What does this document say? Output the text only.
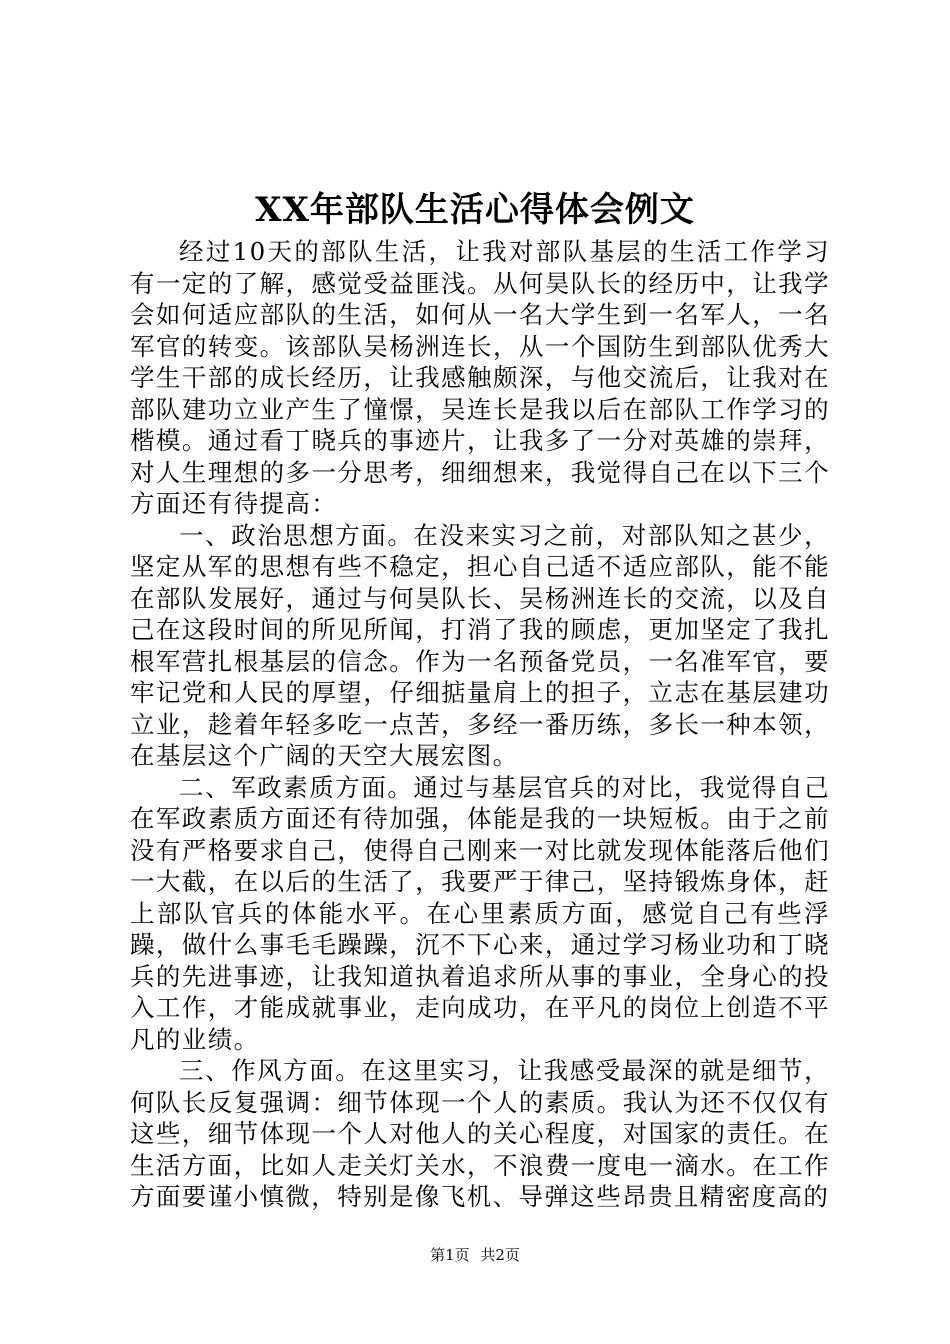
XX年部队生活心得体会例文

经过10天的部队生活，让我对部队基层的生活工作学习有一定的了解，感觉受益匪浅。从何昊队长的经历中，让我学会如何适应部队的生活，如何从一名大学生到一名军人，一名军官的转变。该部队吴杨洲连长，从一个国防生到部队优秀大学生干部的成长经历，让我感触颇深，与他交流后，让我对在部队建功立业产生了憧憬，吴连长是我以后在部队工作学习的楷模。通过看丁晓兵的事迹片，让我多了一分对英雄的崇拜，对人生理想的多一分思考，细细想来，我觉得自己在以下三个方面还有待提高：

一、政治思想方面。在没来实习之前，对部队知之甚少，坚定从军的思想有些不稳定，担心自己适不适应部队，能不能在部队发展好，通过与何昊队长、吴杨洲连长的交流，以及自己在这段时间的所见所闻，打消了我的顾虑，更加坚定了我扎根军营扎根基层的信念。作为一名预备党员，一名准军官，要牢记党和人民的厚望，仔细掂量肩上的担子，立志在基层建功立业，趁着年轻多吃一点苦，多经一番历练，多长一种本领，在基层这个广阔的天空大展宏图。

二、军政素质方面。通过与基层官兵的对比，我觉得自己在军政素质方面还有待加强，体能是我的一块短板。由于之前没有严格要求自己，使得自己刚来一对比就发现体能落后他们一大截，在以后的生活了，我要严于律己，坚持锻炼身体，赶上部队官兵的体能水平。在心里素质方面，感觉自己有些浮躁，做什么事毛毛躁躁，沉不下心来，通过学习杨业功和丁晓兵的先进事迹，让我知道执着追求所从事的事业，全身心的投入工作，才能成就事业，走向成功，在平凡的岗位上创造不平凡的业绩。

三、作风方面。在这里实习，让我感受最深的就是细节，何队长反复强调：细节体现一个人的素质。我认为还不仅仅有这些，细节体现一个人对他人的关心程度，对国家的责任。在生活方面，比如人走关灯关水，不浪费一度电一滴水。在工作方面要谨小慎微，特别是像飞机、导弹这些昂贵且精密度高的

第1页 共2页
